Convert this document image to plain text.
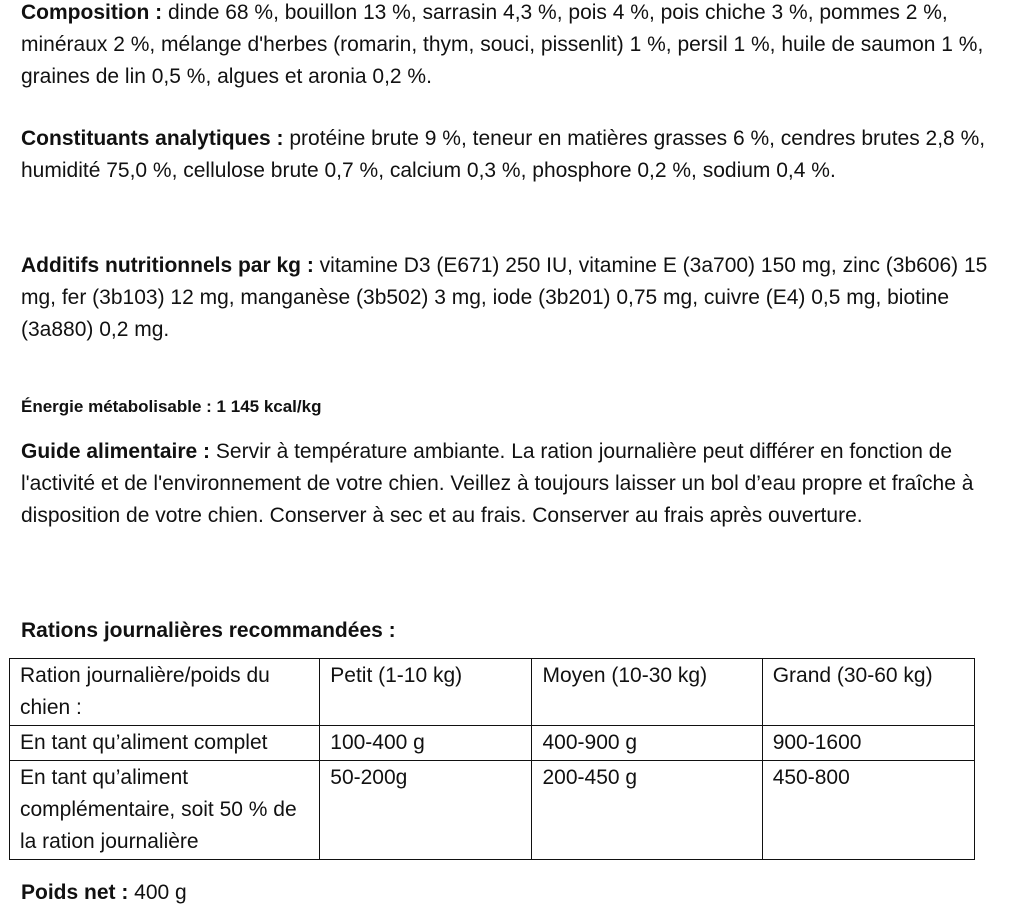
Composition : dinde 68 %, bouillon 13 %, sarrasin 4,3 %, pois 4 %, pois chiche 3 %, pommes 2 %, minéraux 2 %, mélange d'herbes (romarin, thym, souci, pissenlit) 1 %, persil 1 %, huile de saumon 1 %, graines de lin 0,5 %, algues et aronia 0,2 %.

Constituants analytiques : protéine brute 9 %, teneur en matières grasses 6 %, cendres brutes 2,8 %, humidité 75,0 %, cellulose brute 0,7 %, calcium 0,3 %, phosphore 0,2 %, sodium 0,4 %.

Additifs nutritionnels par kg : vitamine D3 (E671) 250 IU, vitamine E (3a700) 150 mg, zinc (3b606) 15 mg, fer (3b103) 12 mg, manganèse (3b502) 3 mg, iode (3b201) 0,75 mg, cuivre (E4) 0,5 mg, biotine (3a880) 0,2 mg.

Énergie métabolisable : 1 145 kcal/kg

Guide alimentaire : Servir à température ambiante. La ration journalière peut différer en fonction de l'activité et de l'environnement de votre chien. Veillez à toujours laisser un bol d’eau propre et fraîche à disposition de votre chien. Conserver à sec et au frais. Conserver au frais après ouverture.

Rations journalières recommandées :

Ration journalière/poids du chien :	Petit (1-10 kg)	Moyen (10-30 kg)	Grand (30-60 kg)
En tant qu’aliment complet	100-400 g	400-900 g	900-1600
En tant qu’aliment complémentaire, soit 50 % de la ration journalière	50-200g	200-450 g	450-800

Poids net : 400 g
